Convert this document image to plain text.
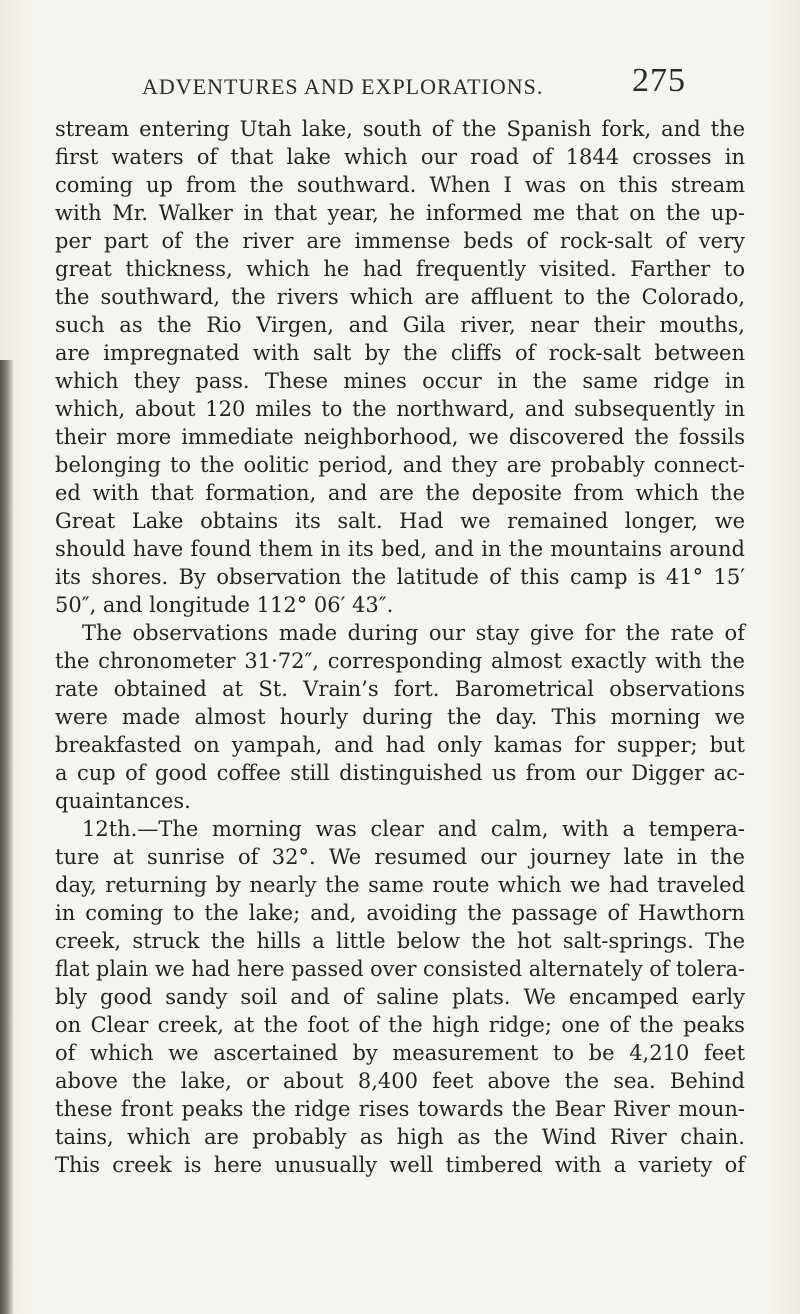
ADVENTURES AND EXPLORATIONS.	275
stream entering Utah lake, south of the Spanish fork, and the
first waters of that lake which our road of 1844 crosses in
coming up from the southward. When I was on this stream
with Mr. Walker in that year, he informed me that on the up-
per part of the river are immense beds of rock-salt of very
great thickness, which he had frequently visited. Farther to
the southward, the rivers which are affluent to the Colorado,
such as the Rio Virgen, and Gila river, near their mouths,
are impregnated with salt by the cliffs of rock-salt between
which they pass. These mines occur in the same ridge in
which, about 120 miles to the northward, and subsequently in
their more immediate neighborhood, we discovered the fossils
belonging to the oolitic period, and they are probably connect-
ed with that formation, and are the deposite from which the
Great Lake obtains its salt. Had we remained longer, we
should have found them in its bed, and in the mountains around
its shores. By observation the latitude of this camp is 41° 15′
50″, and longitude 112° 06′ 43″.
The observations made during our stay give for the rate of
the chronometer 31·72″, corresponding almost exactly with the
rate obtained at St. Vrain’s fort. Barometrical observations
were made almost hourly during the day. This morning we
breakfasted on yampah, and had only kamas for supper; but
a cup of good coffee still distinguished us from our Digger ac-
quaintances.
12th.—The morning was clear and calm, with a tempera-
ture at sunrise of 32°. We resumed our journey late in the
day, returning by nearly the same route which we had traveled
in coming to the lake; and, avoiding the passage of Hawthorn
creek, struck the hills a little below the hot salt-springs. The
flat plain we had here passed over consisted alternately of tolera-
bly good sandy soil and of saline plats. We encamped early
on Clear creek, at the foot of the high ridge; one of the peaks
of which we ascertained by measurement to be 4,210 feet
above the lake, or about 8,400 feet above the sea. Behind
these front peaks the ridge rises towards the Bear River moun-
tains, which are probably as high as the Wind River chain.
This creek is here unusually well timbered with a variety of
